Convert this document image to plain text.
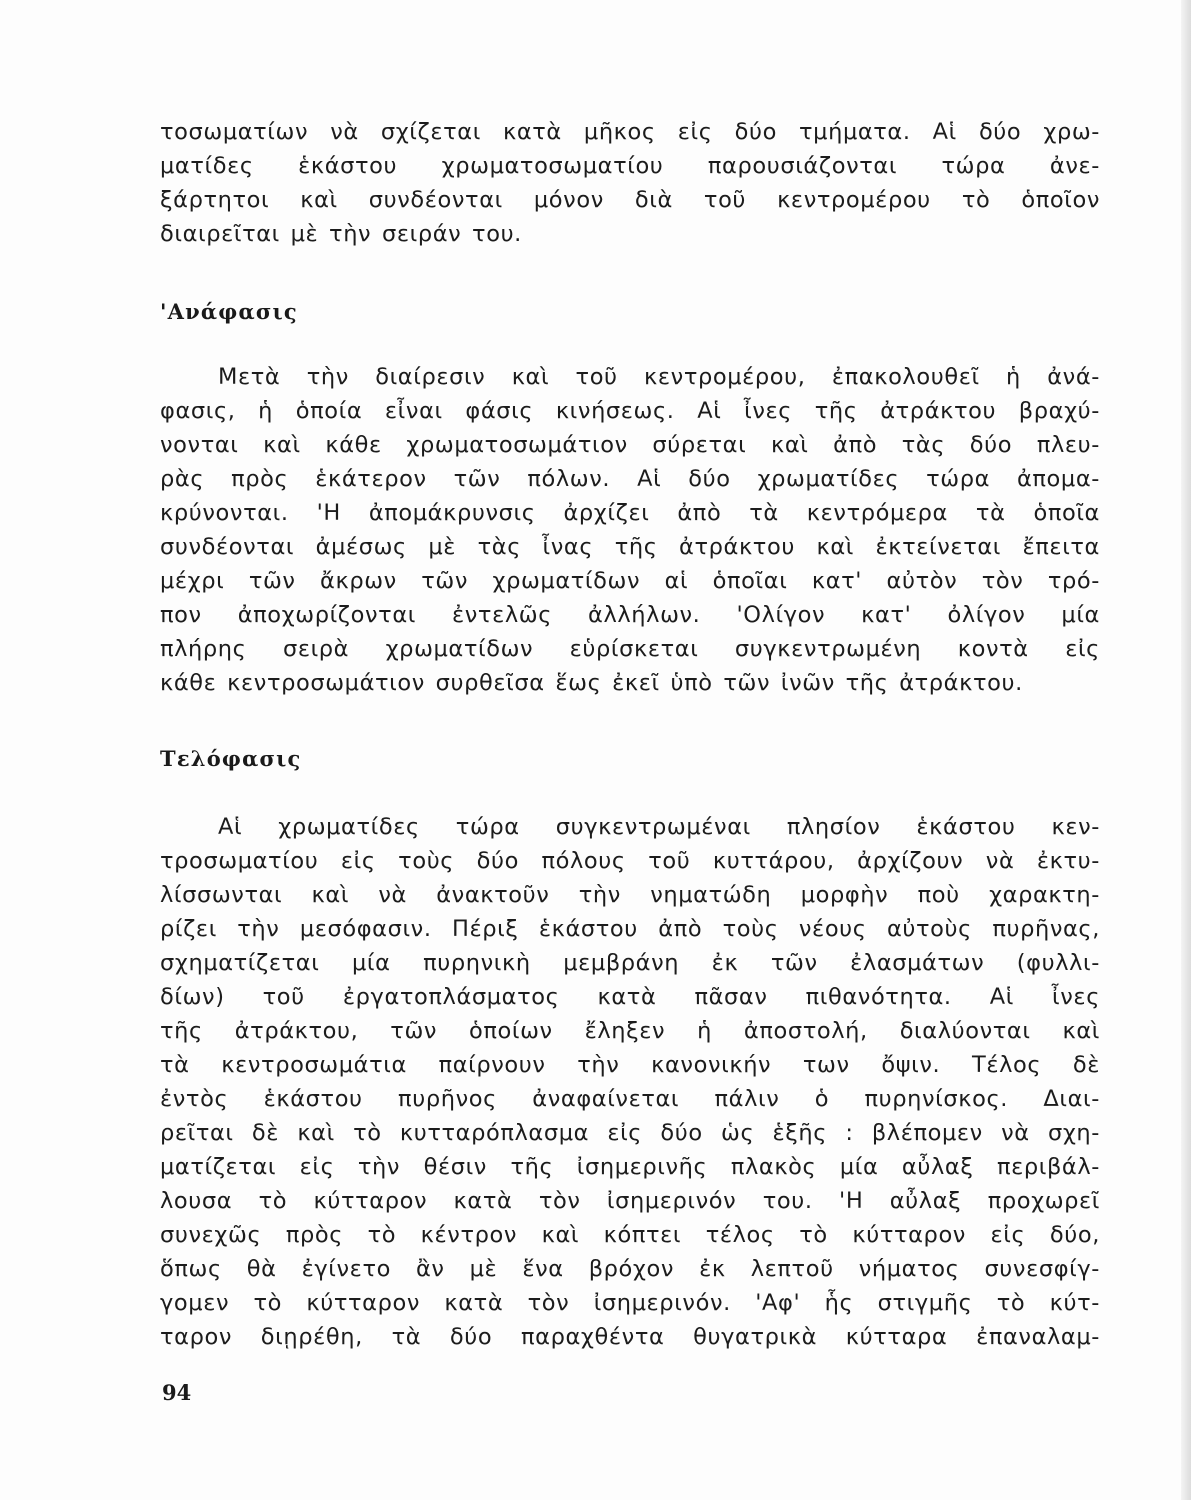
τοσωματίων νὰ σχίζεται κατὰ μῆκος εἰς δύο τμήματα. Αἱ δύο χρω-
ματίδες ἑκάστου χρωματοσωματίου παρουσιάζονται τώρα ἀνε-
ξάρτητοι καὶ συνδέονται μόνον διὰ τοῦ κεντρομέρου τὸ ὁποῖον
διαιρεῖται μὲ τὴν σειράν του.
'Ανάφασις
Μετὰ τὴν διαίρεσιν καὶ τοῦ κεντρομέρου, ἐπακολουθεῖ ἡ ἀνά-
φασις, ἡ ὁποία εἶναι φάσις κινήσεως. Αἱ ἶνες τῆς ἀτράκτου βραχύ-
νονται καὶ κάθε χρωματοσωμάτιον σύρεται καὶ ἀπὸ τὰς δύο πλευ-
ρὰς πρὸς ἑκάτερον τῶν πόλων. Αἱ δύο χρωματίδες τώρα ἀπομα-
κρύνονται. 'Η ἀπομάκρυνσις ἀρχίζει ἀπὸ τὰ κεντρόμερα τὰ ὁποῖα
συνδέονται ἀμέσως μὲ τὰς ἶνας τῆς ἀτράκτου καὶ ἐκτείνεται ἔπειτα
μέχρι τῶν ἄκρων τῶν χρωματίδων αἱ ὁποῖαι κατ' αὐτὸν τὸν τρό-
πον ἀποχωρίζονται ἐντελῶς ἀλλήλων. 'Ολίγον κατ' ὀλίγον μία
πλήρης σειρὰ χρωματίδων εὑρίσκεται συγκεντρωμένη κοντὰ εἰς
κάθε κεντροσωμάτιον συρθεῖσα ἕως ἐκεῖ ὑπὸ τῶν ἰνῶν τῆς ἀτράκτου.
Τελόφασις
Αἱ χρωματίδες τώρα συγκεντρωμέναι πλησίον ἑκάστου κεν-
τροσωματίου εἰς τοὺς δύο πόλους τοῦ κυττάρου, ἀρχίζουν νὰ ἐκτυ-
λίσσωνται καὶ νὰ ἀνακτοῦν τὴν νηματώδη μορφὴν ποὺ χαρακτη-
ρίζει τὴν μεσόφασιν. Πέριξ ἑκάστου ἀπὸ τοὺς νέους αὐτοὺς πυρῆνας,
σχηματίζεται μία πυρηνικὴ μεμβράνη ἐκ τῶν ἐλασμάτων (φυλλι-
δίων) τοῦ ἐργατοπλάσματος κατὰ πᾶσαν πιθανότητα. Αἱ ἶνες
τῆς ἀτράκτου, τῶν ὁποίων ἔληξεν ἡ ἀποστολή, διαλύονται καὶ
τὰ κεντροσωμάτια παίρνουν τὴν κανονικήν των ὄψιν. Τέλος δὲ
ἐντὸς ἑκάστου πυρῆνος ἀναφαίνεται πάλιν ὁ πυρηνίσκος. Διαι-
ρεῖται δὲ καὶ τὸ κυτταρόπλασμα εἰς δύο ὡς ἑξῆς : βλέπομεν νὰ σχη-
ματίζεται εἰς τὴν θέσιν τῆς ἰσημερινῆς πλακὸς μία αὖλαξ περιβάλ-
λουσα τὸ κύτταρον κατὰ τὸν ἰσημερινόν του. 'Η αὖλαξ προχωρεῖ
συνεχῶς πρὸς τὸ κέντρον καὶ κόπτει τέλος τὸ κύτταρον εἰς δύο,
ὅπως θὰ ἐγίνετο ἂν μὲ ἕνα βρόχον ἐκ λεπτοῦ νήματος συνεσφίγ-
γομεν τὸ κύτταρον κατὰ τὸν ἰσημερινόν. 'Αφ' ἧς στιγμῆς τὸ κύτ-
ταρον διῃρέθη, τὰ δύο παραχθέντα θυγατρικὰ κύτταρα ἐπαναλαμ-

94
